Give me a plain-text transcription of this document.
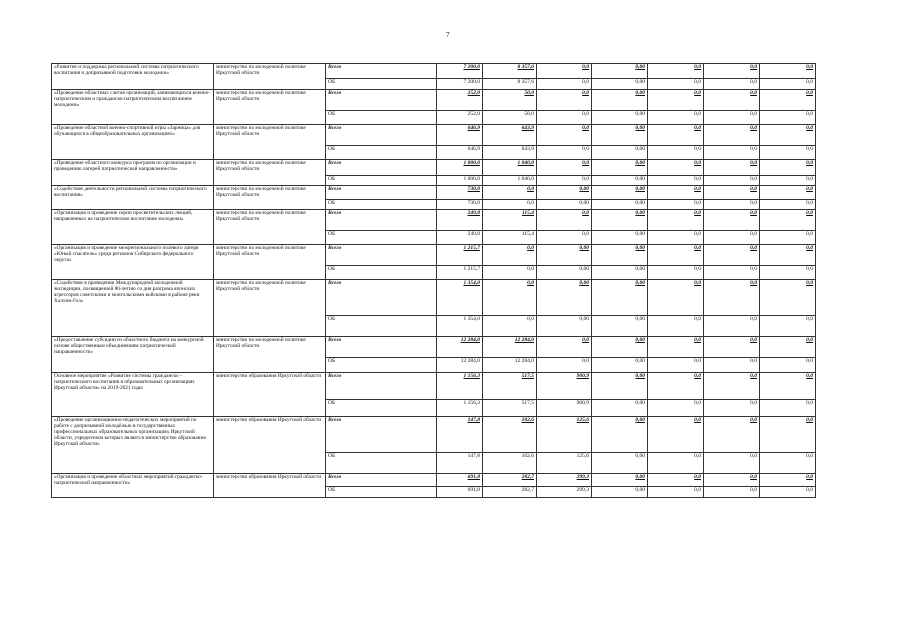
7
«Развитие и поддержка региональной системы патриотического воспитания и допризывной подготовки молодежи»	министерство по молодежной политике Иркутской области	Всего	7 200,0	8 357,6	0,0	0,00	0,0	0,0	0,0
		ОБ	7 200,0	8 357,6	0,0	0,00	0,0	0,0	0,0
«Проведение областных слетов организаций, занимающихся военно-патриотическим и гражданско-патриотическим воспитанием молодежи»	министерство по молодежной политике Иркутской области	Всего	252,0	50,0	0,0	0,00	0,0	0,0	0,0
		ОБ	252,0	50,0	0,0	0,00	0,0	0,0	0,0
«Проведение областной военно-спортивной игры «Зарница» для обучающихся в общеобразовательных организациях»	министерство по молодежной политике Иркутской области	Всего	646,9	643,9	0,0	0,00	0,0	0,0	0,0
		ОБ	646,9	643,9	0,0	0,00	0,0	0,0	0,0
«Проведение областного конкурса программ по организации и проведению лагерей патриотической направленности»	министерство по молодежной политике Иркутской области	Всего	1 000,0	1 040,0	0,0	0,00	0,0	0,0	0,0
		ОБ	1 000,0	1 040,0	0,0	0,00	0,0	0,0	0,0
«Содействие деятельности региональной системы патриотического воспитания»	министерство по молодежной политике Иркутской области	Всего	730,0	0,0	0,00	0,00	0,0	0,0	0,0
		ОБ	730,0	0,0	0,00	0,00	0,0	0,0	0,0
«Организация и проведение серии просветительских лекций, направленных на патриотическое воспитание молодежи»	министерство по молодежной политике Иркутской области	Всего	249,8	115,4	0,0	0,00	0,0	0,0	0,0
		ОБ	249,8	115,4	0,0	0,00	0,0	0,0	0,0
«Организация и проведение межрегионального полевого лагеря «Юный спасатель» среди регионов Сибирского федерального округа»	министерство по молодежной политике Иркутской области	Всего	1 215,7	0,0	0,00	0,00	0,0	0,0	0,0
		ОБ	1 215,7	0,0	0,00	0,00	0,0	0,0	0,0
«Содействие в проведении Международной молодежной экспедиции, посвященной 80-летию со дня разгрома японских агрессоров советскими и монгольскими войсками в районе реки Халхин-Гол»	министерство по молодежной политике Иркутской области	Всего	1 354,0	0,0	0,00	0,00	0,0	0,0	0,0
		ОБ	1 354,0	0,0	0,00	0,00	0,0	0,0	0,0
«Предоставление субсидии из областного бюджета на конкурсной основе общественным объединениям патриотической направленности»	министерство по молодежной политике Иркутской области	Всего	12 284,0	12 284,0	0,0	0,00	0,0	0,0	0,0
		ОБ	12 284,0	12 284,0	0,0	0,00	0,0	0,0	0,0
Основное мероприятие «Развитие системы гражданско - патриотического воспитания в образовательных организациях Иркутской области» на 2019-2021 годы	министерство образования Иркутской области	Всего	1 156,3	517,5	900,9	0,00	0,0	0,0	0,0
		ОБ	1 156,3	517,5	900,9	0,00	0,0	0,0	0,0
«Проведение организационно-педагогических мероприятий по работе с допризывной молодёжью в государственных профессиональных образовательных организациях Иркутской области, учредителем которых является министерство образования Иркутской области»	министерство образования Иркутской области	Всего	147,8	102,6	125,6	0,00	0,0	0,0	0,0
		ОБ	147,8	102,6	125,6	0,00	0,0	0,0	0,0
«Организация и проведение областных мероприятий гражданско-патриотической направленности»	министерство образования Иркутской области	Всего	691,8	282,7	299,3	0,00	0,0	0,0	0,0
		ОБ	691,8	282,7	299,3	0,00	0,0	0,0	0,0
